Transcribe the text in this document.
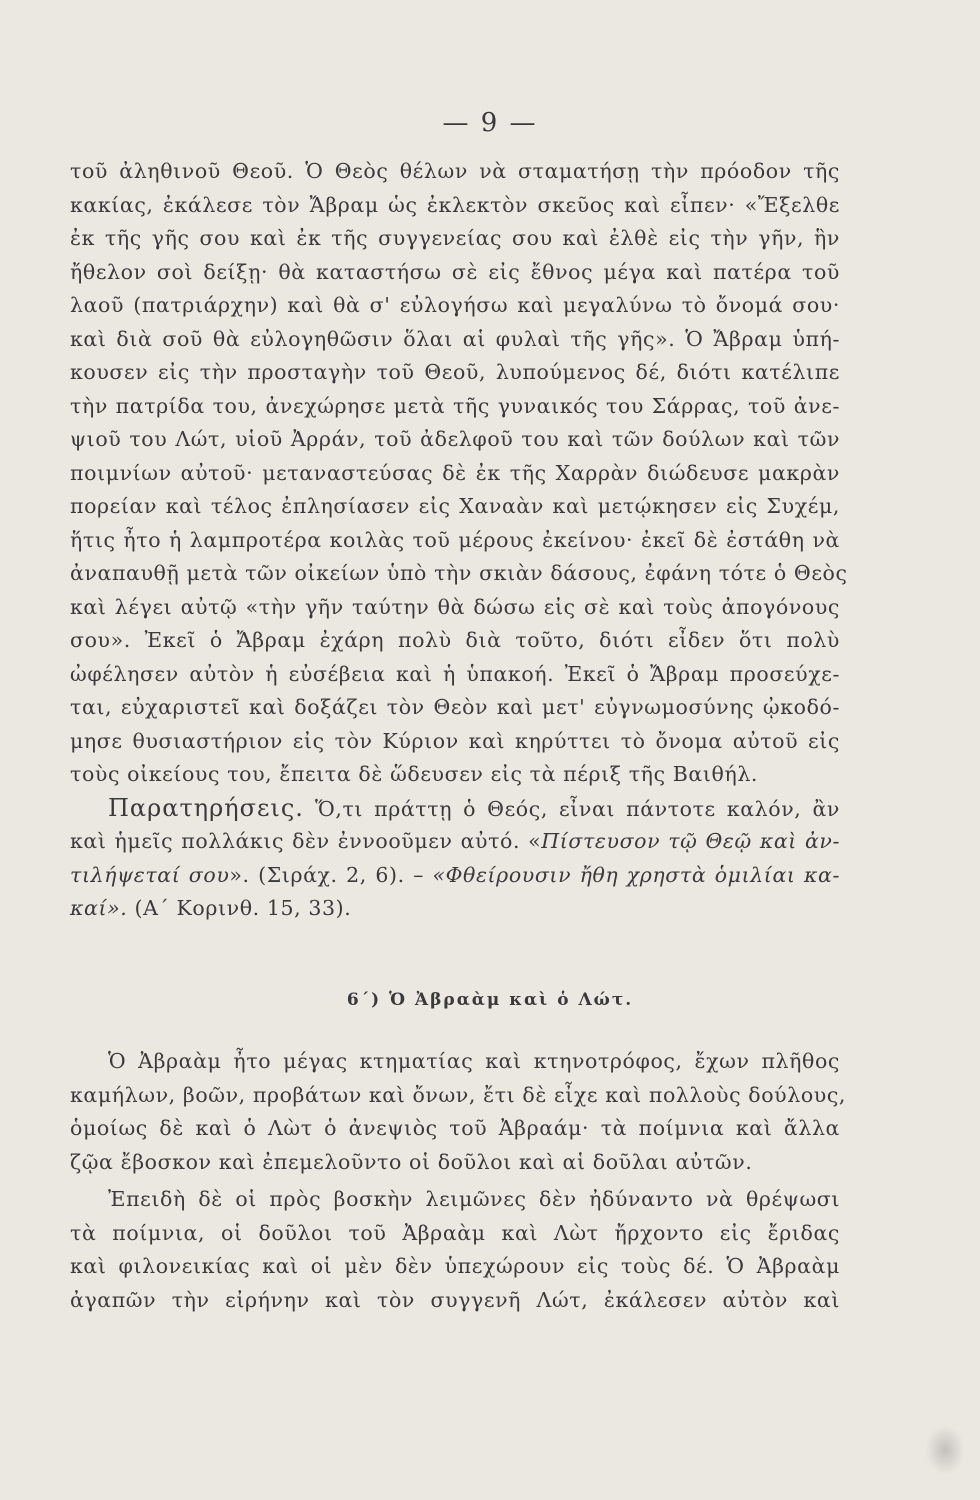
— 9 —
τοῦ ἀληθινοῦ Θεοῦ. Ὁ Θεὸς θέλων νὰ σταματήσῃ τὴν πρόοδον τῆς
κακίας, ἐκάλεσε τὸν Ἄβραμ ὡς ἐκλεκτὸν σκεῦος καὶ εἶπεν· «Ἔξελθε
ἐκ τῆς γῆς σου καὶ ἐκ τῆς συγγενείας σου καὶ ἐλθὲ εἰς τὴν γῆν, ἣν
ἤθελον σοὶ δείξῃ· θὰ καταστήσω σὲ εἰς ἔθνος μέγα καὶ πατέρα τοῦ
λαοῦ (πατριάρχην) καὶ θὰ σ' εὐλογήσω καὶ μεγαλύνω τὸ ὄνομά σου·
καὶ διὰ σοῦ θὰ εὐλογηθῶσιν ὅλαι αἱ φυλαὶ τῆς γῆς». Ὁ Ἄβραμ ὑπή-
κουσεν εἰς τὴν προσταγὴν τοῦ Θεοῦ, λυπούμενος δέ, διότι κατέλιπε
τὴν πατρίδα του, ἀνεχώρησε μετὰ τῆς γυναικός του Σάρρας, τοῦ ἀνε-
ψιοῦ του Λώτ, υἱοῦ Ἀρράν, τοῦ ἀδελφοῦ του καὶ τῶν δούλων καὶ τῶν
ποιμνίων αὐτοῦ· μεταναστεύσας δὲ ἐκ τῆς Χαρρὰν διώδευσε μακρὰν
πορείαν καὶ τέλος ἐπλησίασεν εἰς Χαναὰν καὶ μετῴκησεν εἰς Συχέμ,
ἥτις ἦτο ἡ λαμπροτέρα κοιλὰς τοῦ μέρους ἐκείνου· ἐκεῖ δὲ ἐστάθη νὰ
ἀναπαυθῇ μετὰ τῶν οἰκείων ὑπὸ τὴν σκιὰν δάσους, ἐφάνη τότε ὁ Θεὸς
καὶ λέγει αὐτῷ «τὴν γῆν ταύτην θὰ δώσω εἰς σὲ καὶ τοὺς ἀπογόνους
σου». Ἐκεῖ ὁ Ἄβραμ ἐχάρη πολὺ διὰ τοῦτο, διότι εἶδεν ὅτι πολὺ
ὠφέλησεν αὐτὸν ἡ εὐσέβεια καὶ ἡ ὑπακοή. Ἐκεῖ ὁ Ἄβραμ προσεύχε-
ται, εὐχαριστεῖ καὶ δοξάζει τὸν Θεὸν καὶ μετ' εὐγνωμοσύνης ᾠκοδό-
μησε θυσιαστήριον εἰς τὸν Κύριον καὶ κηρύττει τὸ ὄνομα αὐτοῦ εἰς
τοὺς οἰκείους του, ἔπειτα δὲ ὥδευσεν εἰς τὰ πέριξ τῆς Βαιθήλ.
Παρατηρήσεις. Ὅ,τι πράττῃ ὁ Θεός, εἶναι πάντοτε καλόν, ἂν
καὶ ἡμεῖς πολλάκις δὲν ἐννοοῦμεν αὐτό. «Πίστευσον τῷ Θεῷ καὶ ἀν-
τιλήψεταί σου». (Σιράχ. 2, 6). – «Φθείρουσιν ἤθη χρηστὰ ὁμιλίαι κα-
καί». (Α΄ Κορινθ. 15, 33).
6΄) Ὁ Ἀβραὰμ καὶ ὁ Λώτ.
Ὁ Ἀβραὰμ ἦτο μέγας κτηματίας καὶ κτηνοτρόφος, ἔχων πλῆθος
καμήλων, βοῶν, προβάτων καὶ ὄνων, ἔτι δὲ εἶχε καὶ πολλοὺς δούλους,
ὁμοίως δὲ καὶ ὁ Λὼτ ὁ ἀνεψιὸς τοῦ Ἀβραάμ· τὰ ποίμνια καὶ ἄλλα
ζῷα ἔβοσκον καὶ ἐπεμελοῦντο οἱ δοῦλοι καὶ αἱ δοῦλαι αὐτῶν.
Ἐπειδὴ δὲ οἱ πρὸς βοσκὴν λειμῶνες δὲν ἠδύναντο νὰ θρέψωσι
τὰ ποίμνια, οἱ δοῦλοι τοῦ Ἀβραὰμ καὶ Λὼτ ἤρχοντο εἰς ἔριδας
καὶ φιλονεικίας καὶ οἱ μὲν δὲν ὑπεχώρουν εἰς τοὺς δέ. Ὁ Ἀβραὰμ
ἀγαπῶν τὴν εἰρήνην καὶ τὸν συγγενῆ Λώτ, ἐκάλεσεν αὐτὸν καὶ
